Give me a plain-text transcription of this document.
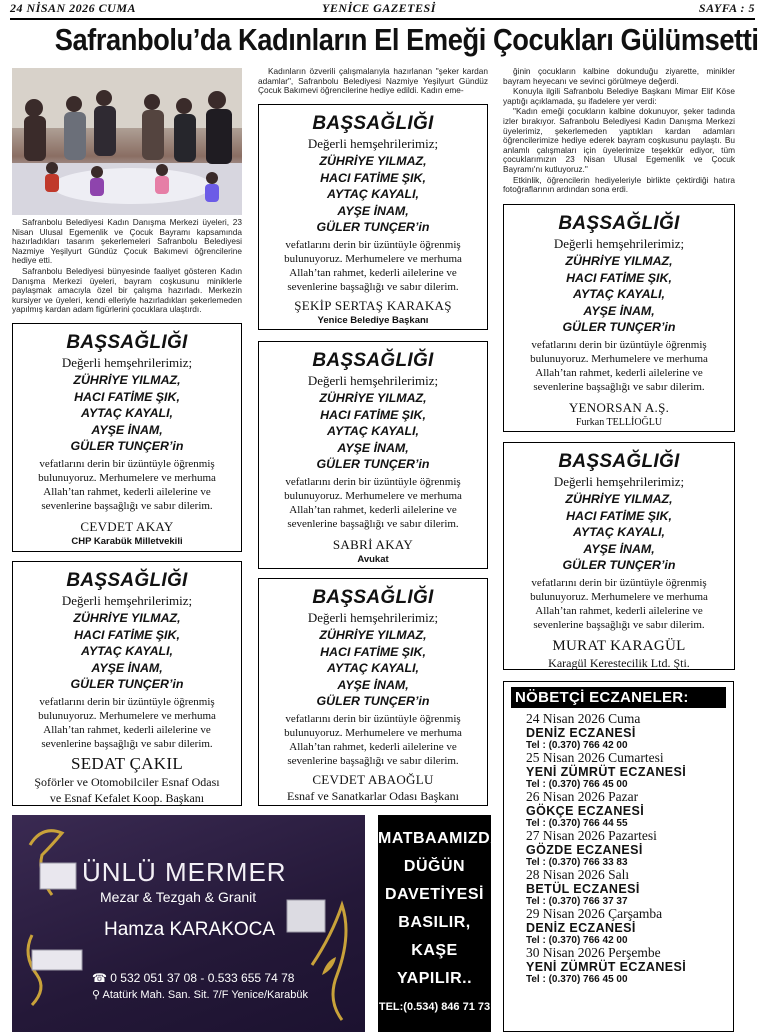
24 NİSAN 2026 CUMA	YENİCE GAZETESİ	SAYFA : 5
Safranbolu’da Kadınların El Emeği Çocukları Gülümsetti

Safranbolu Belediyesi Kadın Danışma Merkezi üyeleri, 23 Nisan Ulusal Egemenlik ve Çocuk Bayramı kapsamında hazırladıkları tasarım şekerlemeleri Safranbolu Belediyesi Nazmiye Yeşilyurt Gündüz Çocuk Bakımevi öğrencilerine hediye etti.

Safranbolu Belediyesi bünyesinde faaliyet gösteren Kadın Danışma Merkezi üyeleri, bayram coşkusunu miniklerle paylaşmak amacıyla özel bir çalışma hazırladı. Merkezin kursiyer ve üyeleri, kendi elleriyle hazırladıkları şekerlemeden yapılmış kardan adam figürlerini çocuklara ulaştırdı.

Kadınların özverili çalışmalarıyla hazırlanan "şeker kardan adamlar", Safranbolu Belediyesi Nazmiye Yeşilyurt Gündüz Çocuk Bakımevi öğrencilerine hediye edildi. Kadın eme-

ğinin çocukların kalbine dokunduğu ziyarette, minikler bayram heyecanı ve sevinci görülmeye değerdi.

Konuyla ilgili Safranbolu Belediye Başkanı Mimar Elif Köse yaptığı açıklamada, şu ifadelere yer verdi:

"Kadın emeği çocukların kalbine dokunuyor, şeker tadında izler bırakıyor. Safranbolu Belediyesi Kadın Danışma Merkezi üyelerimiz, şekerlemeden yaptıkları kardan adamları öğrencilerimize hediye ederek bayram coşkusunu paylaştı. Bu anlamlı çalışmaları için üyelerimize teşekkür ediyor, tüm çocuklarımızın 23 Nisan Ulusal Egemenlik ve Çocuk Bayramı'nı kutluyoruz."

Etkinlik, öğrencilerin hediyeleriyle birlikte çektirdiği hatıra fotoğraflarının ardından sona erdi.

BAŞSAĞLIĞI
Değerli hemşehrilerimiz;
ZÜHRİYE YILMAZ,
HACI FATİME ŞIK,
AYTAÇ KAYALI,
AYŞE İNAM,
GÜLER TUNÇER’in
vefatlarını derin bir üzüntüyle öğrenmiş
bulunuyoruz. Merhumelere ve merhuma
Allah’tan rahmet, kederli ailelerine ve
sevenlerine başsağlığı ve sabır dilerim.
ŞEKİP SERTAŞ KARAKAŞ
Yenice Belediye Başkanı
BAŞSAĞLIĞI
Değerli hemşehrilerimiz;
ZÜHRİYE YILMAZ,
HACI FATİME ŞIK,
AYTAÇ KAYALI,
AYŞE İNAM,
GÜLER TUNÇER’in
vefatlarını derin bir üzüntüyle öğrenmiş
bulunuyoruz. Merhumelere ve merhuma
Allah’tan rahmet, kederli ailelerine ve
sevenlerine başsağlığı ve sabır dilerim.
CEVDET AKAY
CHP Karabük Milletvekili
BAŞSAĞLIĞI
Değerli hemşehrilerimiz;
ZÜHRİYE YILMAZ,
HACI FATİME ŞIK,
AYTAÇ KAYALI,
AYŞE İNAM,
GÜLER TUNÇER’in
vefatlarını derin bir üzüntüyle öğrenmiş
bulunuyoruz. Merhumelere ve merhuma
Allah’tan rahmet, kederli ailelerine ve
sevenlerine başsağlığı ve sabır dilerim.
SABRİ AKAY
Avukat
BAŞSAĞLIĞI
Değerli hemşehrilerimiz;
ZÜHRİYE YILMAZ,
HACI FATİME ŞIK,
AYTAÇ KAYALI,
AYŞE İNAM,
GÜLER TUNÇER’in
vefatlarını derin bir üzüntüyle öğrenmiş
bulunuyoruz. Merhumelere ve merhuma
Allah’tan rahmet, kederli ailelerine ve
sevenlerine başsağlığı ve sabır dilerim.
YENORSAN A.Ş.
Furkan TELLİOĞLU
BAŞSAĞLIĞI
Değerli hemşehrilerimiz;
ZÜHRİYE YILMAZ,
HACI FATİME ŞIK,
AYTAÇ KAYALI,
AYŞE İNAM,
GÜLER TUNÇER’in
vefatlarını derin bir üzüntüyle öğrenmiş
bulunuyoruz. Merhumelere ve merhuma
Allah’tan rahmet, kederli ailelerine ve
sevenlerine başsağlığı ve sabır dilerim.
MURAT KARAGÜL
Karagül Kerestecilik Ltd. Şti.
BAŞSAĞLIĞI
Değerli hemşehrilerimiz;
ZÜHRİYE YILMAZ,
HACI FATİME ŞIK,
AYTAÇ KAYALI,
AYŞE İNAM,
GÜLER TUNÇER’in
vefatlarını derin bir üzüntüyle öğrenmiş
bulunuyoruz. Merhumelere ve merhuma
Allah’tan rahmet, kederli ailelerine ve
sevenlerine başsağlığı ve sabır dilerim.
SEDAT ÇAKIL
Şoförler ve Otomobilciler Esnaf Odası
ve Esnaf Kefalet Koop. Başkanı
BAŞSAĞLIĞI
Değerli hemşehrilerimiz;
ZÜHRİYE YILMAZ,
HACI FATİME ŞIK,
AYTAÇ KAYALI,
AYŞE İNAM,
GÜLER TUNÇER’in
vefatlarını derin bir üzüntüyle öğrenmiş
bulunuyoruz. Merhumelere ve merhuma
Allah’tan rahmet, kederli ailelerine ve
sevenlerine başsağlığı ve sabır dilerim.
CEVDET ABAOĞLU
Esnaf ve Sanatkarlar Odası Başkanı
NÖBETÇİ ECZANELER:
24 Nisan 2026 Cuma
DENİZ ECZANESİ
Tel : (0.370) 766 42 00
25 Nisan 2026 Cumartesi
YENİ ZÜMRÜT ECZANESİ
Tel : (0.370) 766 45 00
26 Nisan 2026 Pazar
GÖKÇE ECZANESİ
Tel : (0.370) 766 44 55
27 Nisan 2026 Pazartesi
GÖZDE ECZANESİ
Tel : (0.370) 766 33 83
28 Nisan 2026 Salı
BETÜL ECZANESİ
Tel : (0.370) 766 37 37
29 Nisan 2026 Çarşamba
DENİZ ECZANESİ
Tel : (0.370) 766 42 00
30 Nisan 2026 Perşembe
YENİ ZÜMRÜT ECZANESİ
Tel : (0.370) 766 45 00
ÜNLÜ MERMER
Mezar & Tezgah & Granit
Hamza KARAKOCA
☎ 0 532 051 37 08 - 0.533 655 74 78
⚲ Atatürk Mah. San. Sit. 7/F Yenice/Karabük
MATBAAMIZDA
DÜĞÜN
DAVETİYESİ
BASILIR,
KAŞE YAPILIR..
TEL:(0.534) 846 71 73
